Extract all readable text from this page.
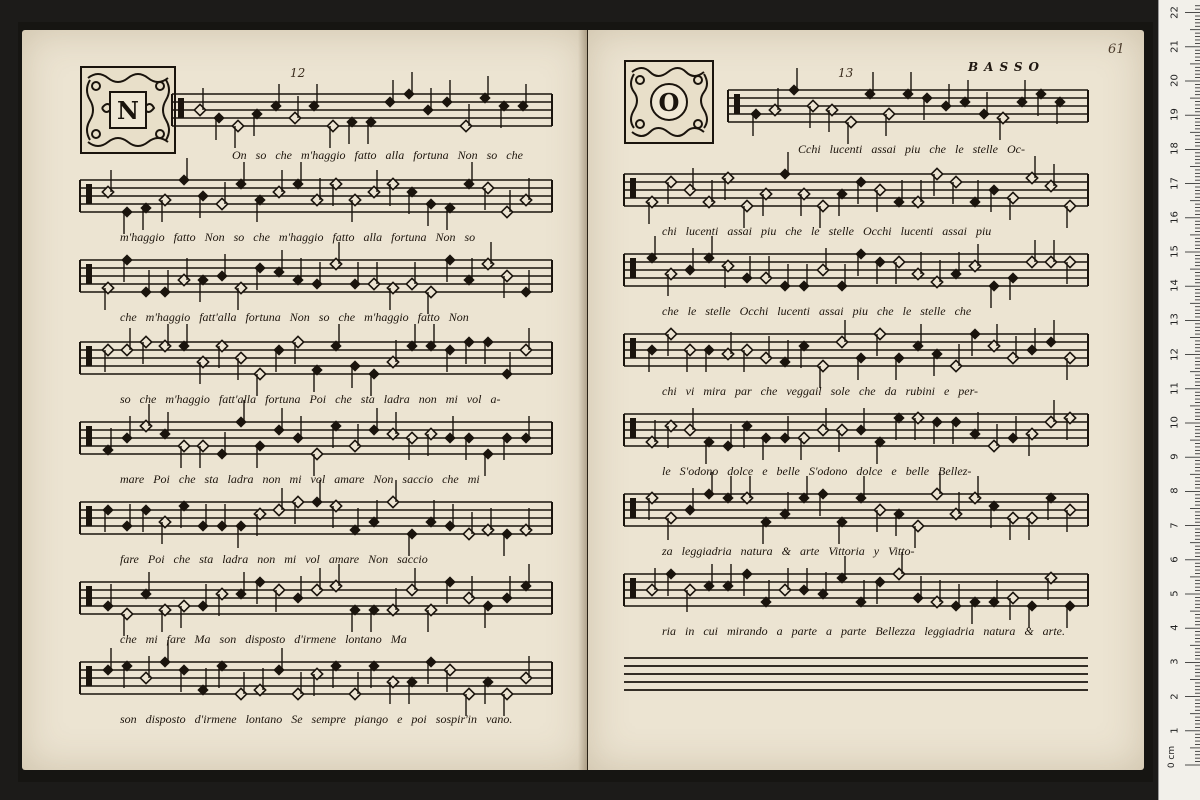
12
N
On so che m'haggio fatto alla fortuna Non so che
m'haggio fatto Non so che m'haggio fatto alla fortuna Non so
che m'haggio fatt'alla fortuna Non so che m'haggio fatto Non
so che m'haggio fatt'alla fortuna Poi che sta ladra non mi vol a-
mare Poi che sta ladra non mi vol amare Non saccio che mi
fare Poi che sta ladra non mi vol amare Non saccio
che mi fare Ma son disposto d'irmene lontano Ma
son disposto d'irmene lontano Se sempre piango e poi sospir'in vano.
13	BASSO
61
O
Cchi lucenti assai piu che le stelle Oc-
chi lucenti assai piu che le stelle Occhi lucenti assai piu
che le stelle Occhi lucenti assai piu che le stelle che
chi vi mira par che veggail sole che da rubini e per-
le S'odono dolce e belle S'odono dolce e belle Bellez-
za leggiadria natura & arte Vittoria y Vitto-
ria in cui mirando a parte a parte Bellezza leggiadria natura & arte.
0 cm
1
2
3
4
5
6
7
8
9
10
11
12
13
14
15
16
17
18
19
20
21
22
